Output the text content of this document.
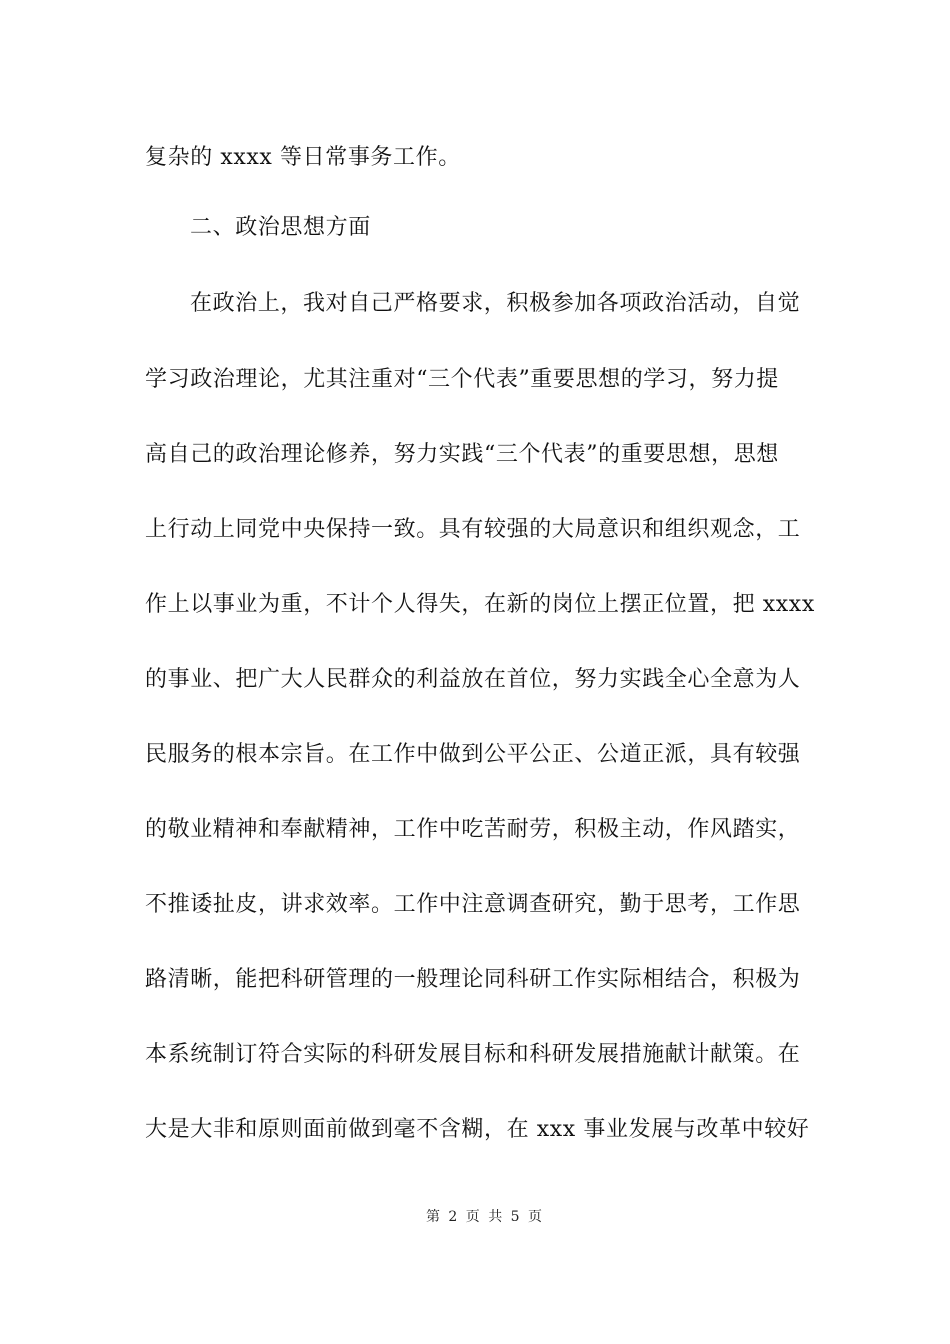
复杂的 xxxx 等日常事务工作。
二、政治思想方面
在政治上，我对自己严格要求，积极参加各项政治活动，自觉
学习政治理论，尤其注重对“三个代表”重要思想的学习，努力提
高自己的政治理论修养，努力实践“三个代表”的重要思想，思想
上行动上同党中央保持一致。具有较强的大局意识和组织观念，工
作上以事业为重，不计个人得失，在新的岗位上摆正位置，把 xxxx
的事业、把广大人民群众的利益放在首位，努力实践全心全意为人
民服务的根本宗旨。在工作中做到公平公正、公道正派，具有较强
的敬业精神和奉献精神，工作中吃苦耐劳，积极主动，作风踏实，
不推诿扯皮，讲求效率。工作中注意调查研究，勤于思考，工作思
路清晰，能把科研管理的一般理论同科研工作实际相结合，积极为
本系统制订符合实际的科研发展目标和科研发展措施献计献策。在
大是大非和原则面前做到毫不含糊，在 xxx 事业发展与改革中较好
第 2 页 共 5 页
